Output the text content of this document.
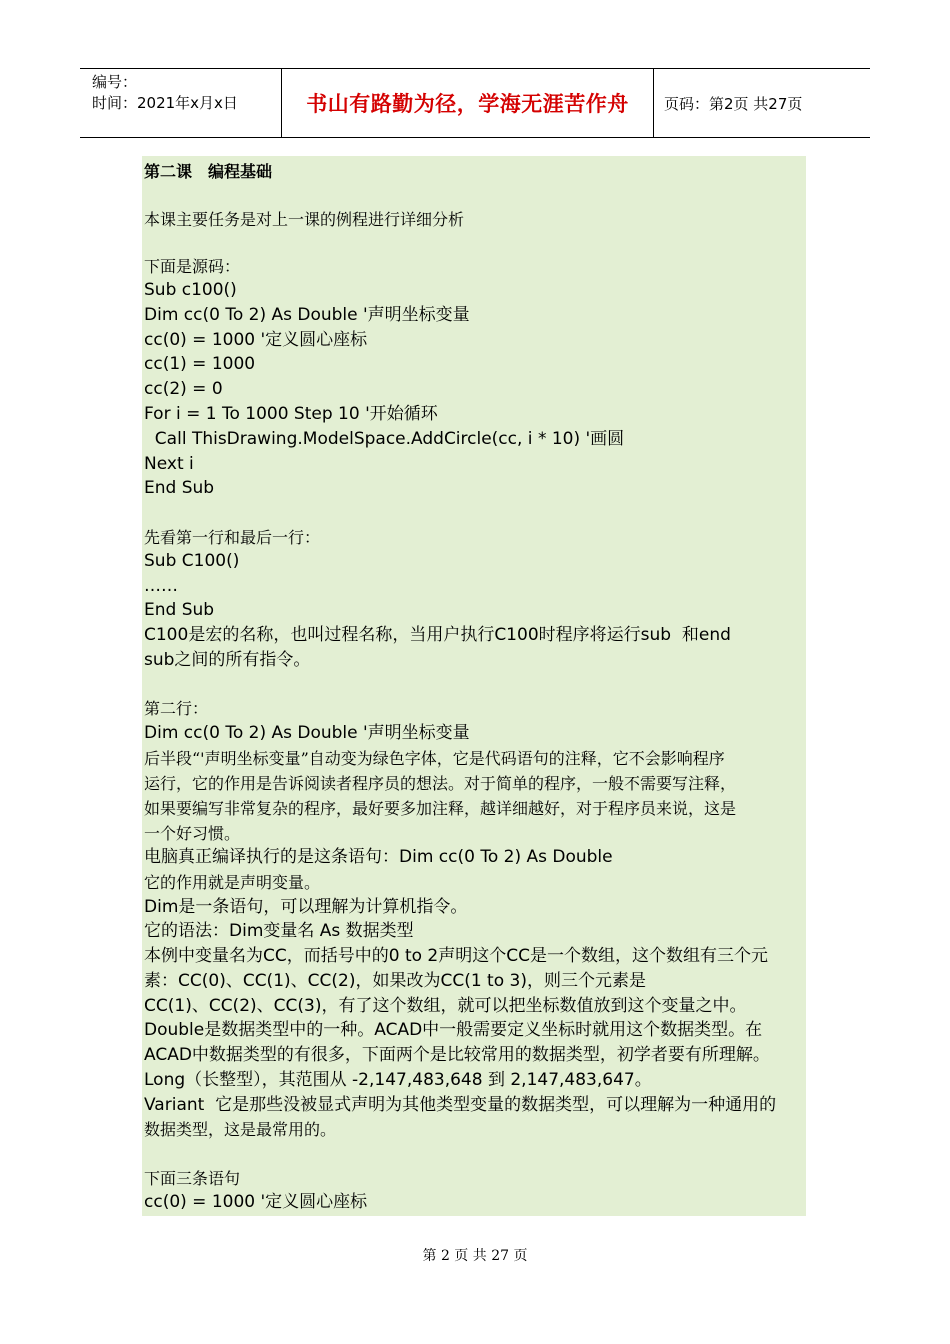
编号：
时间：2021年x月x日	书山有路勤为径，学海无涯苦作舟 页码：第2页 共27页
第二课　编程基础
本课主要任务是对上一课的例程进行详细分析
下面是源码：
Sub c100()
Dim cc(0 To 2) As Double '声明坐标变量
cc(0) = 1000 '定义圆心座标
cc(1) = 1000
cc(2) = 0
For i = 1 To 1000 Step 10 '开始循环
Call ThisDrawing.ModelSpace.AddCircle(cc, i * 10) '画圆
Next i
End Sub
先看第一行和最后一行：
Sub C100()
……
End Sub
C100是宏的名称，也叫过程名称，当用户执行C100时程序将运行sub  和end
sub之间的所有指令。
第二行：
Dim cc(0 To 2) As Double '声明坐标变量
后半段“'声明坐标变量”自动变为绿色字体，它是代码语句的注释，它不会影响程序
运行，它的作用是告诉阅读者程序员的想法。对于简单的程序，一般不需要写注释，
如果要编写非常复杂的程序，最好要多加注释，越详细越好，对于程序员来说，这是
一个好习惯。
电脑真正编译执行的是这条语句：Dim cc(0 To 2) As Double
它的作用就是声明变量。
Dim是一条语句，可以理解为计算机指令。
它的语法：Dim变量名 As 数据类型
本例中变量名为CC，而括号中的0 to 2声明这个CC是一个数组，这个数组有三个元
素：CC(0)、CC(1)、CC(2)，如果改为CC(1 to 3)，则三个元素是
CC(1)、CC(2)、CC(3)，有了这个数组，就可以把坐标数值放到这个变量之中。
Double是数据类型中的一种。ACAD中一般需要定义坐标时就用这个数据类型。在
ACAD中数据类型的有很多，下面两个是比较常用的数据类型，初学者要有所理解。
Long（长整型），其范围从 -2,147,483,648 到 2,147,483,647。
Variant  它是那些没被显式声明为其他类型变量的数据类型，可以理解为一种通用的
数据类型，这是最常用的。
下面三条语句
cc(0) = 1000 '定义圆心座标
第 2 页 共 27 页
